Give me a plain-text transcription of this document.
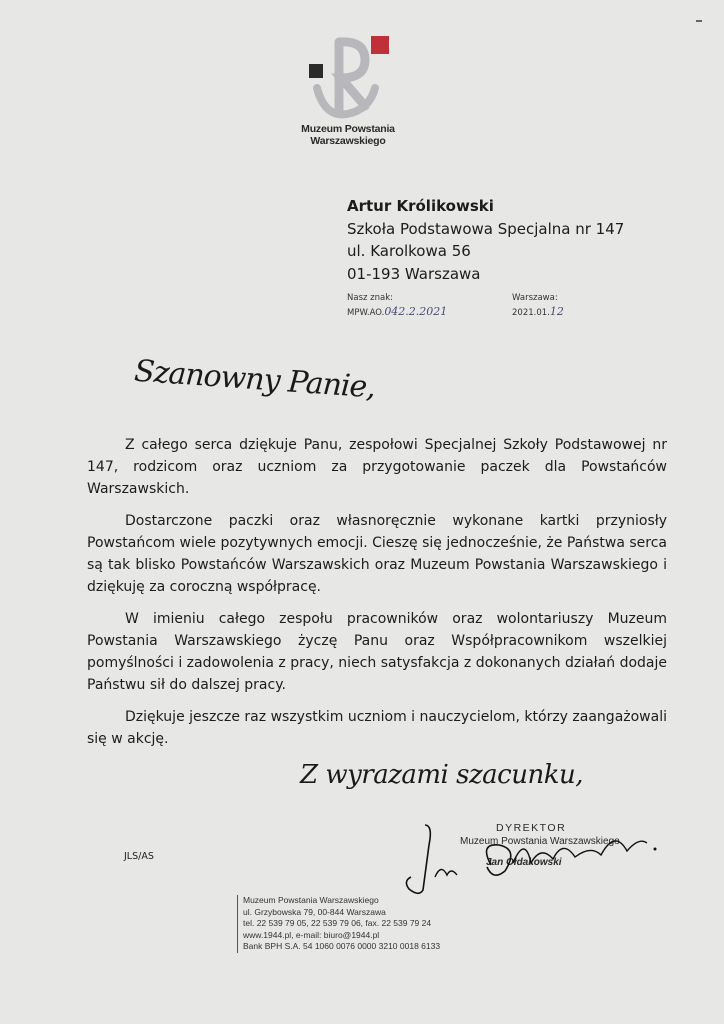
Muzeum Powstania
Warszawskiego
Artur Królikowski
Szkoła Podstawowa Specjalna nr 147
ul. Karolkowa 56
01-193 Warszawa
Nasz znak:
MPW.AO.042.2.2021
Warszawa:
2021.01.12
Szanowny Panie,

Z całego serca dziękuje Panu, zespołowi Specjalnej Szkoły Podstawowej nr 147, rodzicom oraz uczniom za przygotowanie paczek dla Powstańców Warszawskich.

Dostarczone paczki oraz własnoręcznie wykonane kartki przyniosły Powstańcom wiele pozytywnych emocji. Cieszę się jednocześnie, że Państwa serca są tak blisko Powstańców Warszawskich oraz Muzeum Powstania Warszawskiego i dziękuję za coroczną współpracę.

W imieniu całego zespołu pracowników oraz wolontariuszy Muzeum Powstania Warszawskiego życzę Panu oraz Współpracownikom wszelkiej pomyślności i zadowolenia z pracy, niech satysfakcja z dokonanych działań dodaje Państwu sił do dalszej pracy.

Dziękuje jeszcze raz wszystkim uczniom i nauczycielom, którzy zaangażowali się w akcję.

Z wyrazami szacunku,
JLS/AS
DYREKTOR
Muzeum Powstania Warszawskiego
Jan Ołdakowski
Muzeum Powstania Warszawskiego
ul. Grzybowska 79, 00-844 Warszawa
tel. 22 539 79 05, 22 539 79 06, fax. 22 539 79 24
www.1944.pl, e-mail: biuro@1944.pl
Bank BPH S.A. 54 1060 0076 0000 3210 0018 6133
